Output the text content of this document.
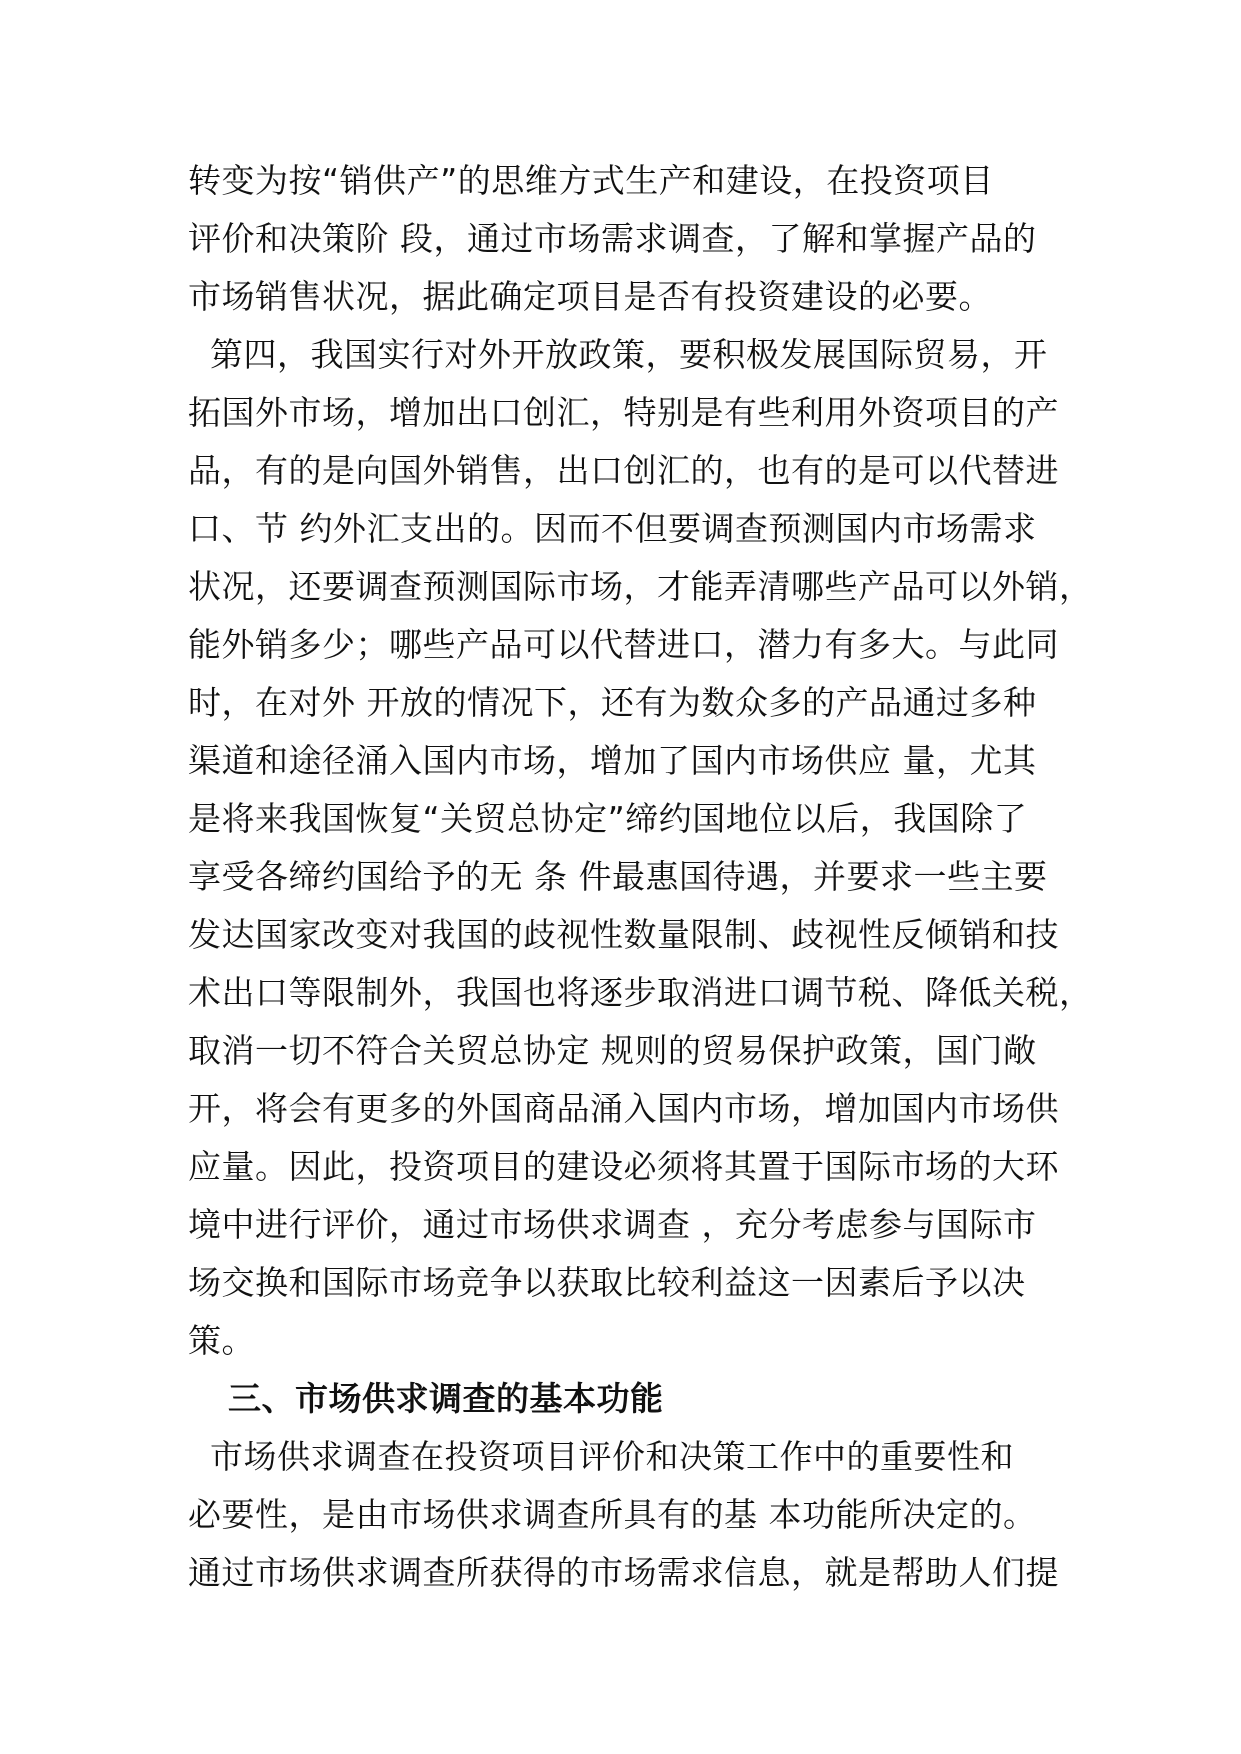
转变为按“销供产”的思维方式生产和建设，在投资项目
评价和决策阶 段，通过市场需求调查，了解和掌握产品的
市场销售状况，据此确定项目是否有投资建设的必要。
第四，我国实行对外开放政策，要积极发展国际贸易，开
拓国外市场，增加出口创汇，特别是有些利用外资项目的产
品，有的是向国外销售，出口创汇的，也有的是可以代替进
口、节 约外汇支出的。因而不但要调查预测国内市场需求
状况，还要调查预测国际市场，才能弄清哪些产品可以外销，
能外销多少；哪些产品可以代替进口，潜力有多大。与此同
时，在对外 开放的情况下，还有为数众多的产品通过多种
渠道和途径涌入国内市场，增加了国内市场供应 量，尤其
是将来我国恢复“关贸总协定”缔约国地位以后，我国除了
享受各缔约国给予的无 条 件最惠国待遇，并要求一些主要
发达国家改变对我国的歧视性数量限制、歧视性反倾销和技
术出口等限制外，我国也将逐步取消进口调节税、降低关税，
取消一切不符合关贸总协定 规则的贸易保护政策，国门敞
开，将会有更多的外国商品涌入国内市场，增加国内市场供
应量。因此，投资项目的建设必须将其置于国际市场的大环
境中进行评价，通过市场供求调查 ，充分考虑参与国际市
场交换和国际市场竞争以获取比较利益这一因素后予以决
策。
三、市场供求调查的基本功能
市场供求调查在投资项目评价和决策工作中的重要性和
必要性，是由市场供求调查所具有的基 本功能所决定的。
通过市场供求调查所获得的市场需求信息，就是帮助人们提
